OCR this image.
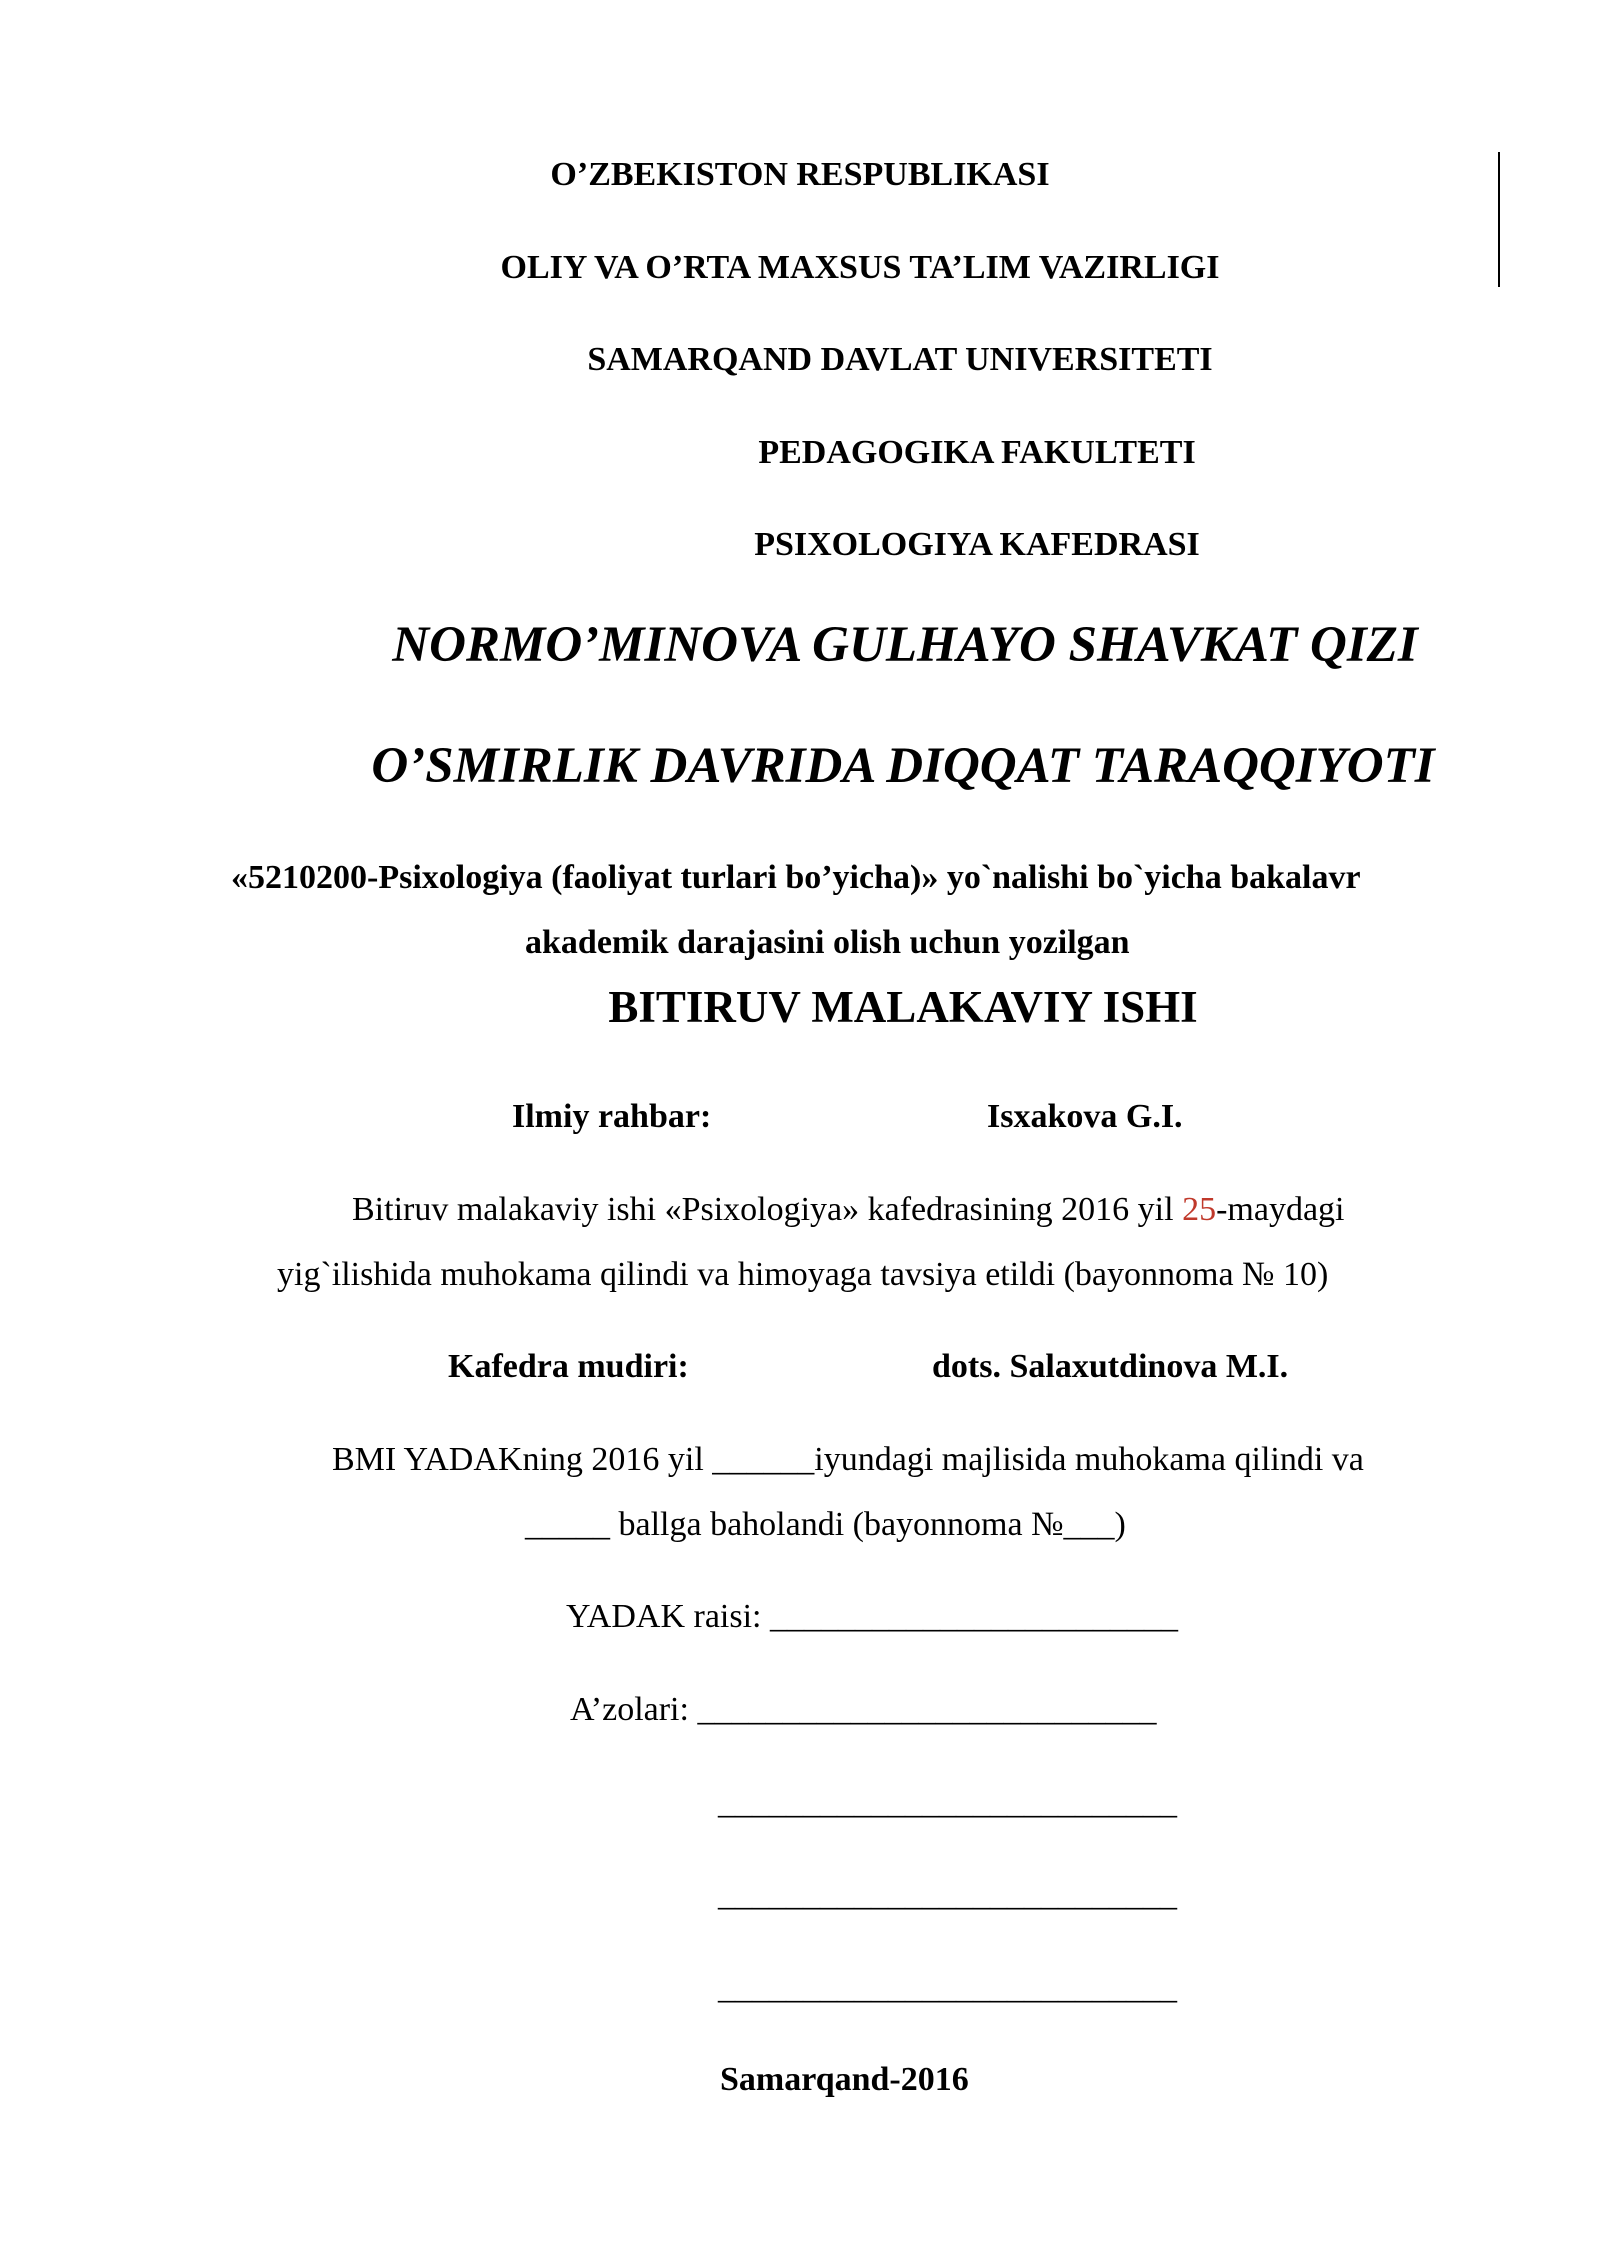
O’ZBEKISTON RESPUBLIKASI
OLIY VA O’RTA MAXSUS TA’LIM VAZIRLIGI
SAMARQAND DAVLAT UNIVERSITETI
PEDAGOGIKA FAKULTETI
PSIXOLOGIYA KAFEDRASI
NORMO’MINOVA GULHAYO SHAVKAT QIZI
O’SMIRLIK DAVRIDA DIQQAT TARAQQIYOTI
«5210200-Psixologiya (faoliyat turlari bo’yicha)» yo`nalishi bo`yicha bakalavr
akademik darajasini olish uchun yozilgan
BITIRUV MALAKAVIY ISHI
Ilmiy rahbar:	Isxakova G.I.
Bitiruv malakaviy ishi «Psixologiya» kafedrasining 2016 yil 25-maydagi
yig`ilishida muhokama qilindi va himoyaga tavsiya etildi (bayonnoma № 10)
Kafedra mudiri:	dots. Salaxutdinova M.I.
BMI YADAKning 2016 yil ______iyundagi majlisida muhokama qilindi va
_____ ballga baholandi (bayonnoma №___)
YADAK raisi: ________________________
A’zolari: ___________________________
___________________________
___________________________
___________________________
Samarqand-2016
